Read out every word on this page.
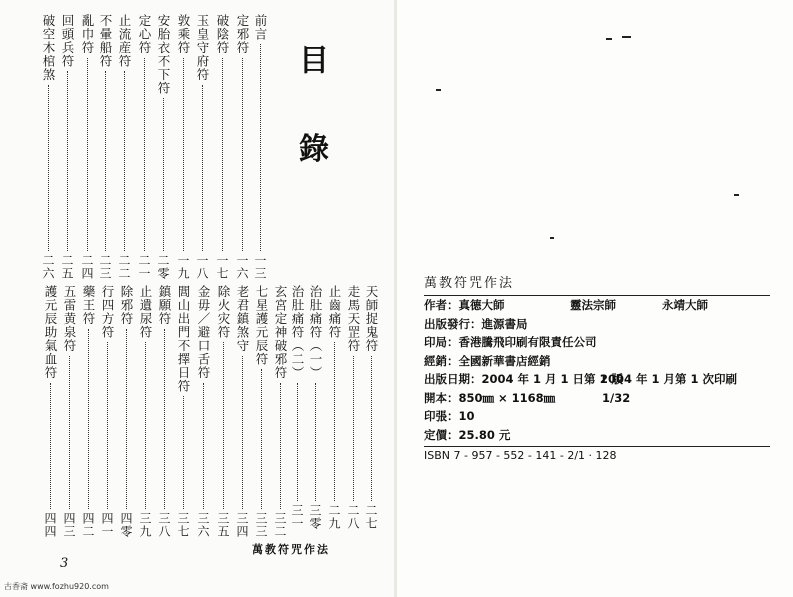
目 錄
前言
一三
定邪符
一六
破陰符
一七
玉皇守府符
一八
敦乘符
一九
安胎衣不下符
二零
定心符
二一
止流産符
二二
不暈船符
二三
亂巾符
二四
回頭兵符
二五
破空木棺煞
二六
玄宮定神破邪符
三二
七星護元辰符
三三
老君鎮煞守
三四
除火灾符
三五
金毋／避口舌符
三六
閭山出門不擇日符
三七
鎮願符
三八
止遺尿符
三九
除邪符
四零
行四方符
四一
藥王符
四二
五雷黄泉符
四三
護元辰助氣血符
四四
天師捉鬼符
二七
走馬天罡符
二八
止齒痛符
二九
治肚痛符（一）
三零
治肚痛符（二）
三一
萬教符咒作法
3
古香斋 www.fozhu920.com
萬教符咒作法
作者：真德大師	靈法宗師	永靖大師
出版發行：進源書局
印局：香港騰飛印刷有限責任公司
經銷：全國新華書店經銷
出版日期：2004 年 1 月 1 日第 1 版
2004 年 1 月第 1 次印刷
開本：850㎜ × 1168㎜	1/32
印張：10
定價：25.80 元
ISBN 7 - 957 - 552 - 141 - 2/1 · 128
